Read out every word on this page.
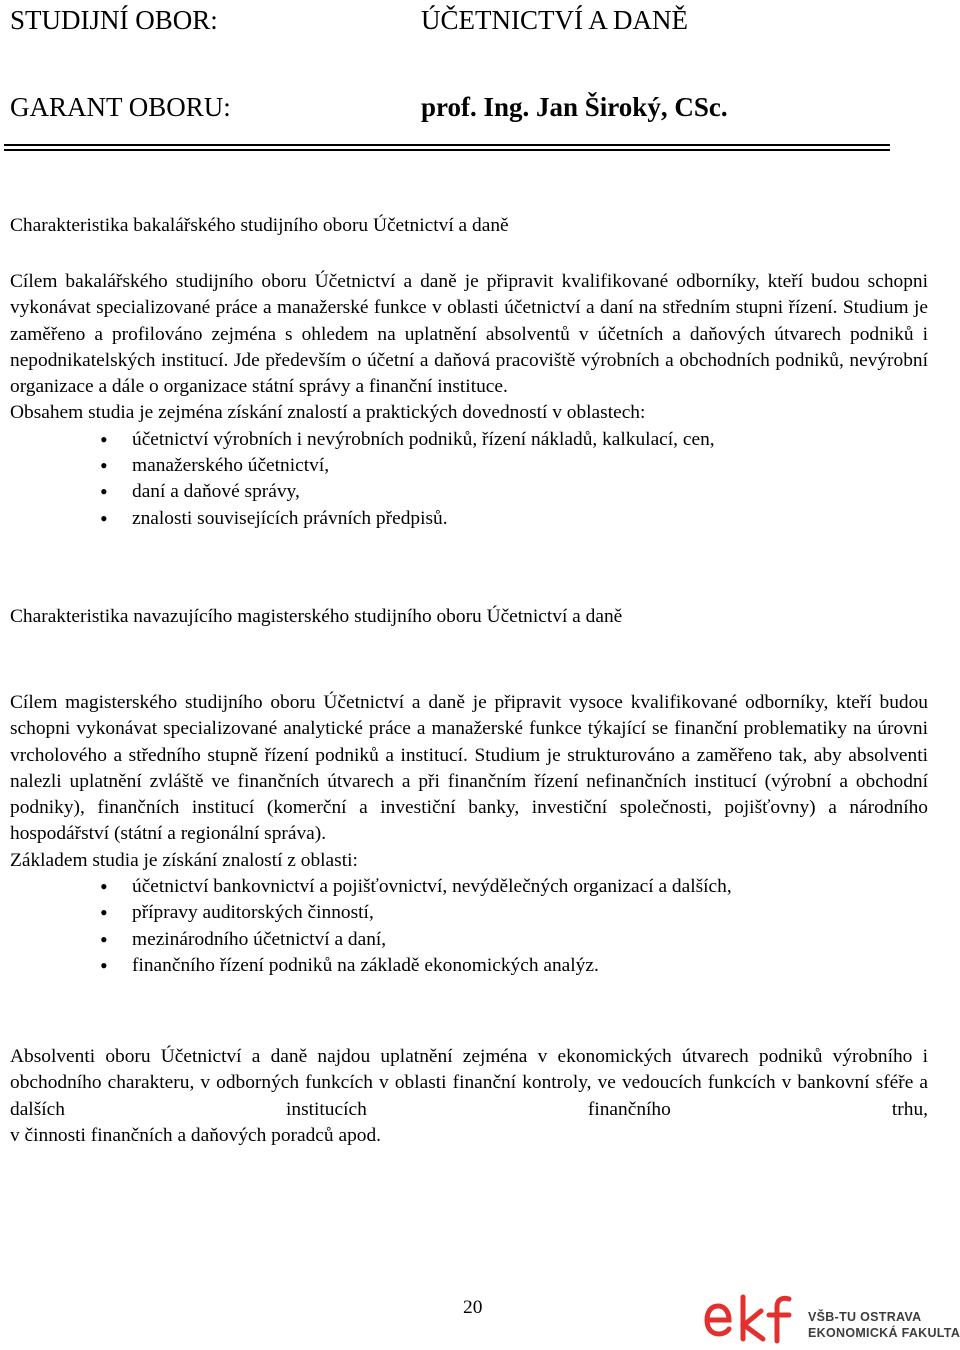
STUDIJNÍ OBOR:	ÚČETNICTVÍ A DANĚ
GARANT OBORU:	prof. Ing. Jan Široký, CSc.
Charakteristika bakalářského studijního oboru Účetnictví a daně

Cílem bakalářského studijního oboru Účetnictví a daně je připravit kvalifikované odborníky, kteří budou schopni vykonávat specializované práce a manažerské funkce v oblasti účetnictví a daní na středním stupni řízení. Studium je zaměřeno a profilováno zejména s ohledem na uplatnění absolventů v účetních a daňových útvarech podniků i nepodnikatelských institucí. Jde především o účetní a daňová pracoviště výrobních a obchodních podniků, nevýrobní organizace a dále o organizace státní správy a finanční instituce.

Obsahem studia je zejména získání znalostí a praktických dovedností v oblastech:

• účetnictví výrobních i nevýrobních podniků, řízení nákladů, kalkulací, cen,
• manažerského účetnictví,
• daní a daňové správy,
• znalosti souvisejících právních předpisů.
Charakteristika navazujícího magisterského studijního oboru Účetnictví a daně

Cílem magisterského studijního oboru Účetnictví a daně je připravit vysoce kvalifikované odborníky, kteří budou schopni vykonávat specializované analytické práce a manažerské funkce týkající se finanční problematiky na úrovni vrcholového a středního stupně řízení podniků a institucí. Studium je strukturováno a zaměřeno tak, aby absolventi nalezli uplatnění zvláště ve finančních útvarech a při finančním řízení nefinančních institucí (výrobní a obchodní podniky), finančních institucí (komerční a investiční banky, investiční společnosti, pojišťovny) a národního hospodářství (státní a regionální správa).

Základem studia je získání znalostí z oblasti:

• účetnictví bankovnictví a pojišťovnictví, nevýdělečných organizací a dalších,
• přípravy auditorských činností,
• mezinárodního účetnictví a daní,
• finančního řízení podniků na základě ekonomických analýz.

Absolventi oboru Účetnictví a daně najdou uplatnění zejména v ekonomických útvarech podniků výrobního i obchodního charakteru, v odborných funkcích v oblasti finanční kontroly, ve vedoucích funkcích v bankovní sféře a dalších institucích finančního trhu,

v činnosti finančních a daňových poradců apod.

20	VŠB-TU OSTRAVA
EKONOMICKÁ FAKULTA
